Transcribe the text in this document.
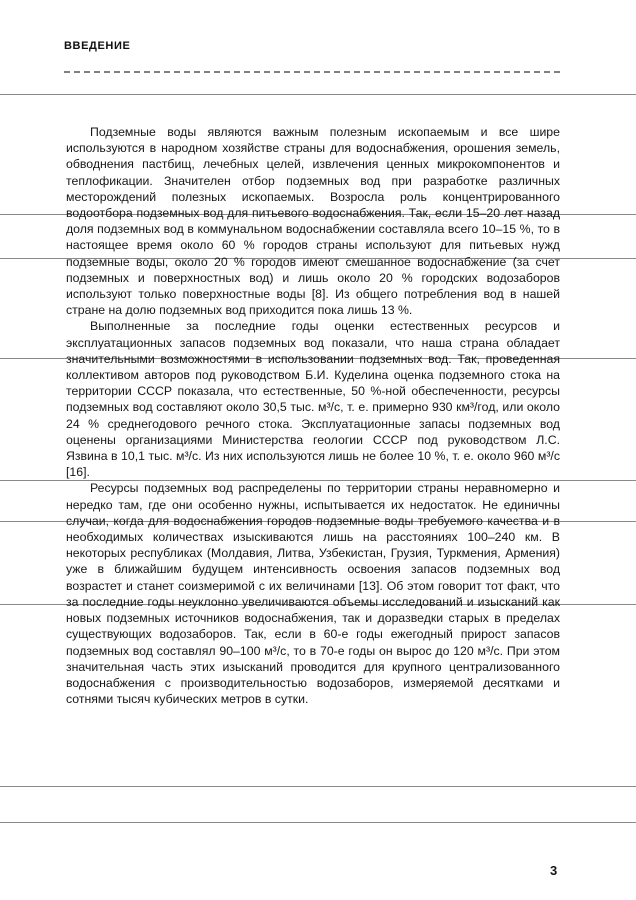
ВВЕДЕНИЕ

Подземные воды являются важным полезным ископаемым и все шире используются в народном хозяйстве страны для водоснабжения, орошения земель, обводнения пастбищ, лечебных целей, извлечения ценных микрокомпонентов и теплофикации. Значителен отбор подземных вод при разработке различных месторождений полезных ископаемых. Возросла роль концентрированного водоотбора подземных вод для питьевого водоснабжения. Так, если 15–20 лет назад доля подземных вод в коммунальном водоснабжении составляла всего 10–15 %, то в настоящее время около 60 % городов страны используют для питьевых нужд подземные воды, около 20 % городов имеют смешанное водоснабжение (за счет подземных и поверхностных вод) и лишь около 20 % городских водозаборов используют только поверхностные воды [8]. Из общего потребления вод в нашей стране на долю подземных вод приходится пока лишь 13 %.

Выполненные за последние годы оценки естественных ресурсов и эксплуатационных запасов подземных вод показали, что наша страна обладает значительными возможностями в использовании подземных вод. Так, проведенная коллективом авторов под руководством Б.И. Куделина оценка подземного стока на территории СССР показала, что естественные, 50 %-ной обеспеченности, ресурсы подземных вод составляют около 30,5 тыс. м³/с, т. е. примерно 930 км³/год, или около 24 % среднегодового речного стока. Эксплуатационные запасы подземных вод оценены организациями Министерства геологии СССР под руководством Л.С. Язвина в 10,1 тыс. м³/с. Из них используются лишь не более 10 %, т. е. около 960 м³/с [16].

Ресурсы подземных вод распределены по территории страны неравномерно и нередко там, где они особенно нужны, испытывается их недостаток. Не единичны случаи, когда для водоснабжения городов подземные воды требуемого качества и в необходимых количествах изыскиваются лишь на расстояниях 100–240 км. В некоторых республиках (Молдавия, Литва, Узбекистан, Грузия, Туркмения, Армения) уже в ближайшим будущем интенсивность освоения запасов подземных вод возрастет и станет соизмеримой с их величинами [13]. Об этом говорит тот факт, что за последние годы неуклонно увеличиваются объемы исследований и изысканий как новых подземных источников водоснабжения, так и доразведки старых в пределах существующих водозаборов. Так, если в 60-е годы ежегодный прирост запасов подземных вод составлял 90–100 м³/с, то в 70-е годы он вырос до 120 м³/с. При этом значительная часть этих изысканий проводится для крупного централизованного водоснабжения с производительностью водозаборов, измеряемой десятками и сотнями тысяч кубических метров в сутки.

3
